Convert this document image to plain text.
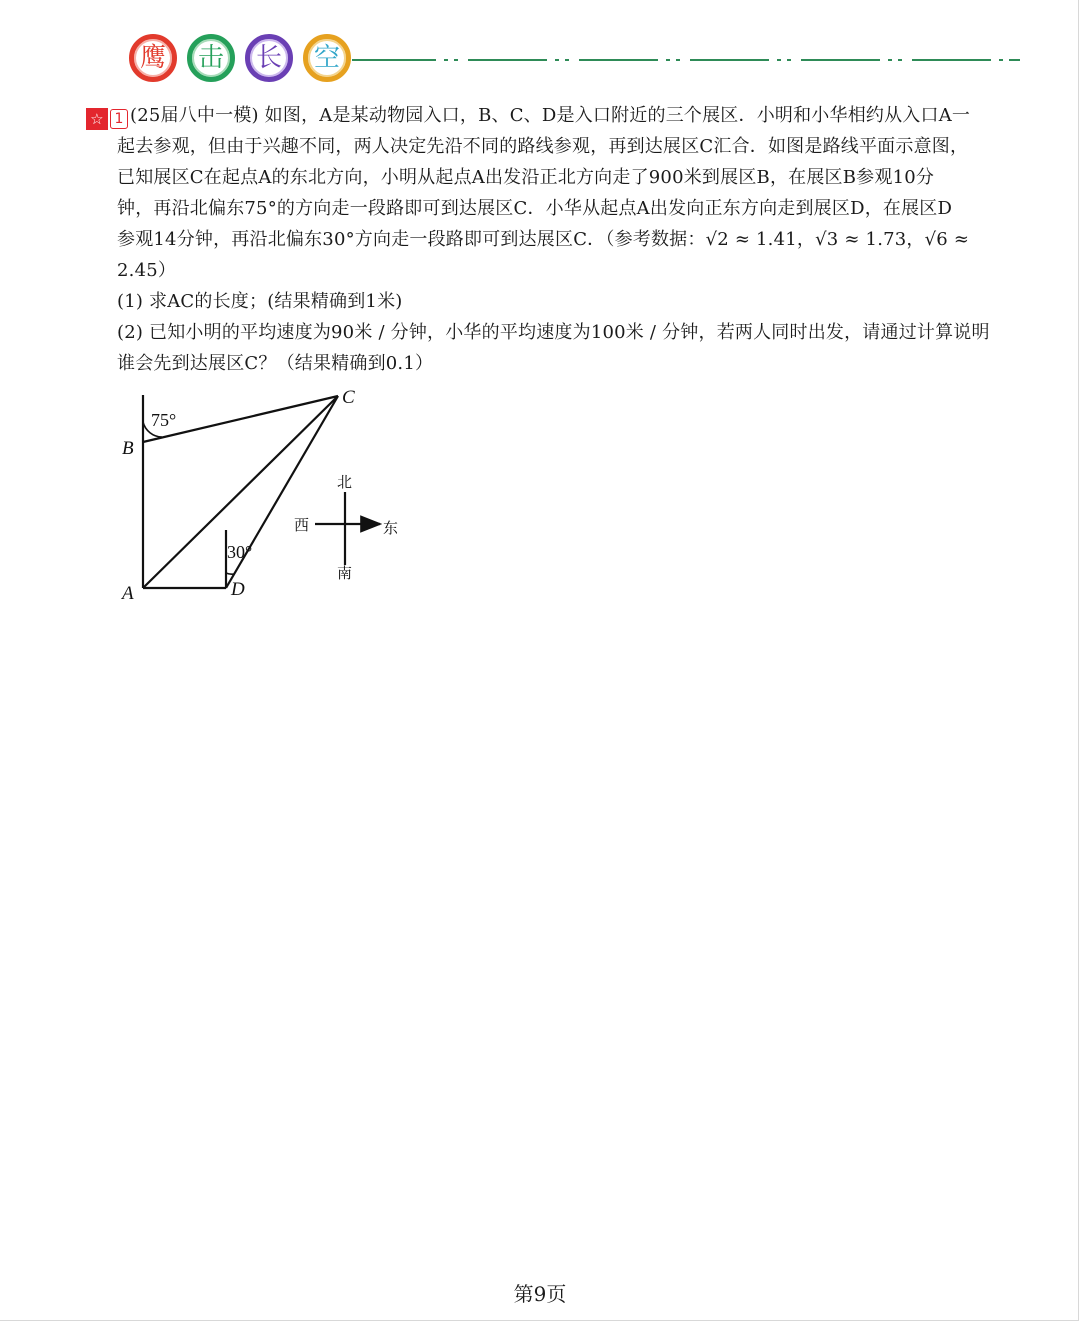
鹰 击 长 空
☆ 1 (25届八中一模) 如图，A是某动物园入口，B、C、D是入口附近的三个展区．小明和小华相约从入口A一
起去参观，但由于兴趣不同，两人决定先沿不同的路线参观，再到达展区C汇合．如图是路线平面示意图，
已知展区C在起点A的东北方向，小明从起点A出发沿正北方向走了900米到展区B，在展区B参观10分
钟，再沿北偏东75°的方向走一段路即可到达展区C．小华从起点A出发向正东方向走到展区D，在展区D
参观14分钟，再沿北偏东30°方向走一段路即可到达展区C．（参考数据：√2 ≈ 1.41，√3 ≈ 1.73，√6 ≈
2.45）
(1) 求AC的长度；(结果精确到1米)
(2) 已知小明的平均速度为90米 / 分钟，小华的平均速度为100米 / 分钟，若两人同时出发，请通过计算说明
谁会先到达展区C？（结果精确到0.1）
C
B
A	D
75°
30°
北
南
西	东
第9页
